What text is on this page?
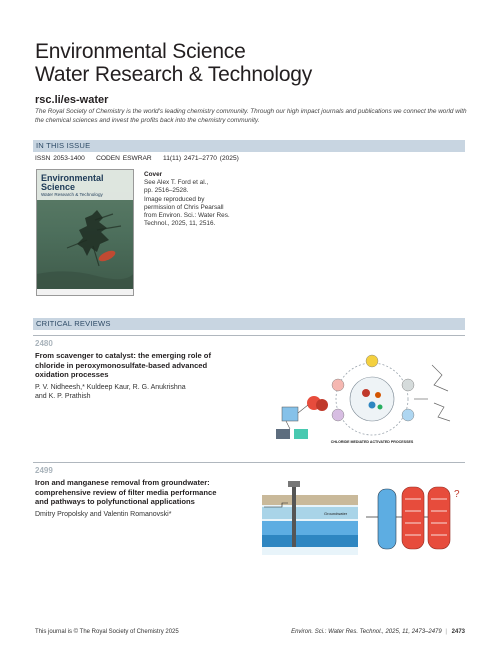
Environmental Science
Water Research & Technology
rsc.li/es-water
The Royal Society of Chemistry is the world's leading chemistry community. Through our high impact journals and publications we connect the world with the chemical sciences and invest the profits back into the chemistry community.
IN THIS ISSUE
ISSN 2053-1400 CODEN ESWRAR 11(11) 2471–2770 (2025)
Environmental
Science
Water Research & Technology
Cover
See Alex T. Ford et al.,
pp. 2516–2528.
Image reproduced by
permission of Chris Pearsall
from Environ. Sci.: Water Res.
Technol., 2025, 11, 2516.
CRITICAL REVIEWS
2480
From scavenger to catalyst: the emerging role of
chloride in peroxymonosulfate-based advanced
oxidation processes
P. V. Nidheesh,* Kuldeep Kaur, R. G. Anukrishna
and K. P. Prathish
CHLORIDE MEDIATED ACTIVATED PROCESSES
2499
Iron and manganese removal from groundwater:
comprehensive review of filter media performance
and pathways to polyfunctional applications
Dmitry Propolsky and Valentin Romanovski*	Groundwater
?
This journal is © The Royal Society of Chemistry 2025	Environ. Sci.: Water Res. Technol., 2025, 11, 2473–2479 | 2473
